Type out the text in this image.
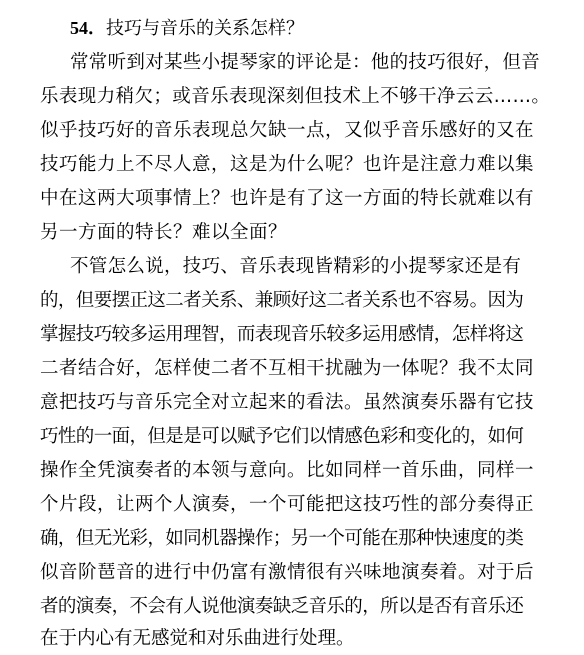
54．技巧与音乐的关系怎样？
常常听到对某些小提琴家的评论是：他的技巧很好，但音
乐表现力稍欠；或音乐表现深刻但技术上不够干净云云……。
似乎技巧好的音乐表现总欠缺一点，又似乎音乐感好的又在
技巧能力上不尽人意，这是为什么呢？也许是注意力难以集
中在这两大项事情上？也许是有了这一方面的特长就难以有
另一方面的特长？难以全面？
不管怎么说，技巧、音乐表现皆精彩的小提琴家还是有
的，但要摆正这二者关系、兼顾好这二者关系也不容易。因为
掌握技巧较多运用理智，而表现音乐较多运用感情，怎样将这
二者结合好，怎样使二者不互相干扰融为一体呢？我不太同
意把技巧与音乐完全对立起来的看法。虽然演奏乐器有它技
巧性的一面，但是是可以赋予它们以情感色彩和变化的，如何
操作全凭演奏者的本领与意向。比如同样一首乐曲，同样一
个片段，让两个人演奏，一个可能把这技巧性的部分奏得正
确，但无光彩，如同机器操作；另一个可能在那种快速度的类
似音阶琶音的进行中仍富有激情很有兴味地演奏着。对于后
者的演奏，不会有人说他演奏缺乏音乐的，所以是否有音乐还
在于内心有无感觉和对乐曲进行处理。
